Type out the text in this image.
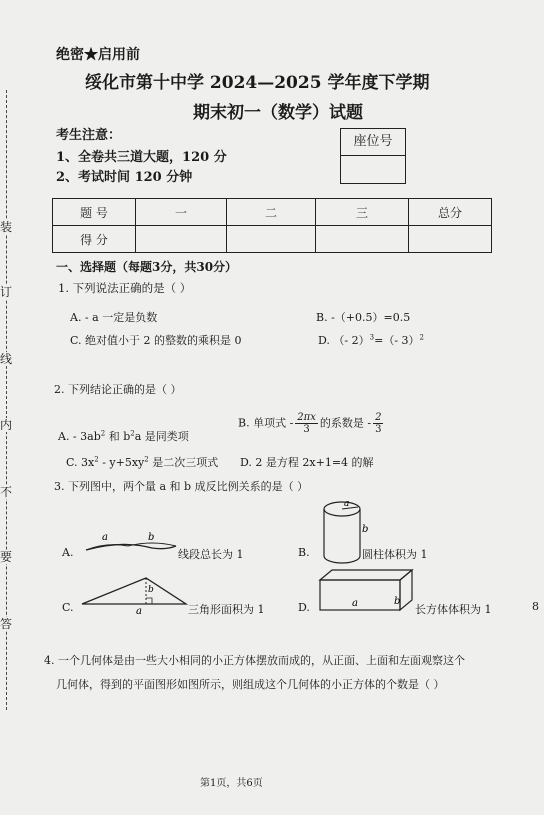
装
订
线
内
不
要
答
绝密★启用前
绥化市第十中学 2024—2025 学年度下学期
期末初一（数学）试题
考生注意：
1、全卷共三道大题，120 分
2、考试时间 120 分钟
座位号
题 号	一	二	三	总分
得 分				
一、选择题（每题3分，共30分）
1. 下列说法正确的是（ ）
A. - a 一定是负数	B. -（+0.5）=0.5
C. 绝对值小于 2 的整数的乘积是 0	D. （- 2）$^3$=（- 3）$^2$
2. 下列结论正确的是（ ）
A. - $3ab^2$ 和 $b^2a$ 是同类项
B. 单项式 - $\frac{2\pi x}{3}$ 的系数是 - $\frac{2}{3}$
C. $3x^2 - y+5xy^2$ 是二次三项式 D. 2 是方程 2x+1=4 的解
3. 下列图中，两个量 a 和 b 成反比例关系的是（ ）
A.
a	b
线段总长为 1	B.
a
b
圆柱体积为 1
C.
b
a	三角形面积为 1	D.	a	b
长方体体积为 1
4. 一个几何体是由一些大小相同的小正方体摆放而成的，从正面、上面和左面观察这个
几何体，得到的平面图形如图所示，则组成这个几何体的小正方体的个数是（ ）
8
第1页，共6页
